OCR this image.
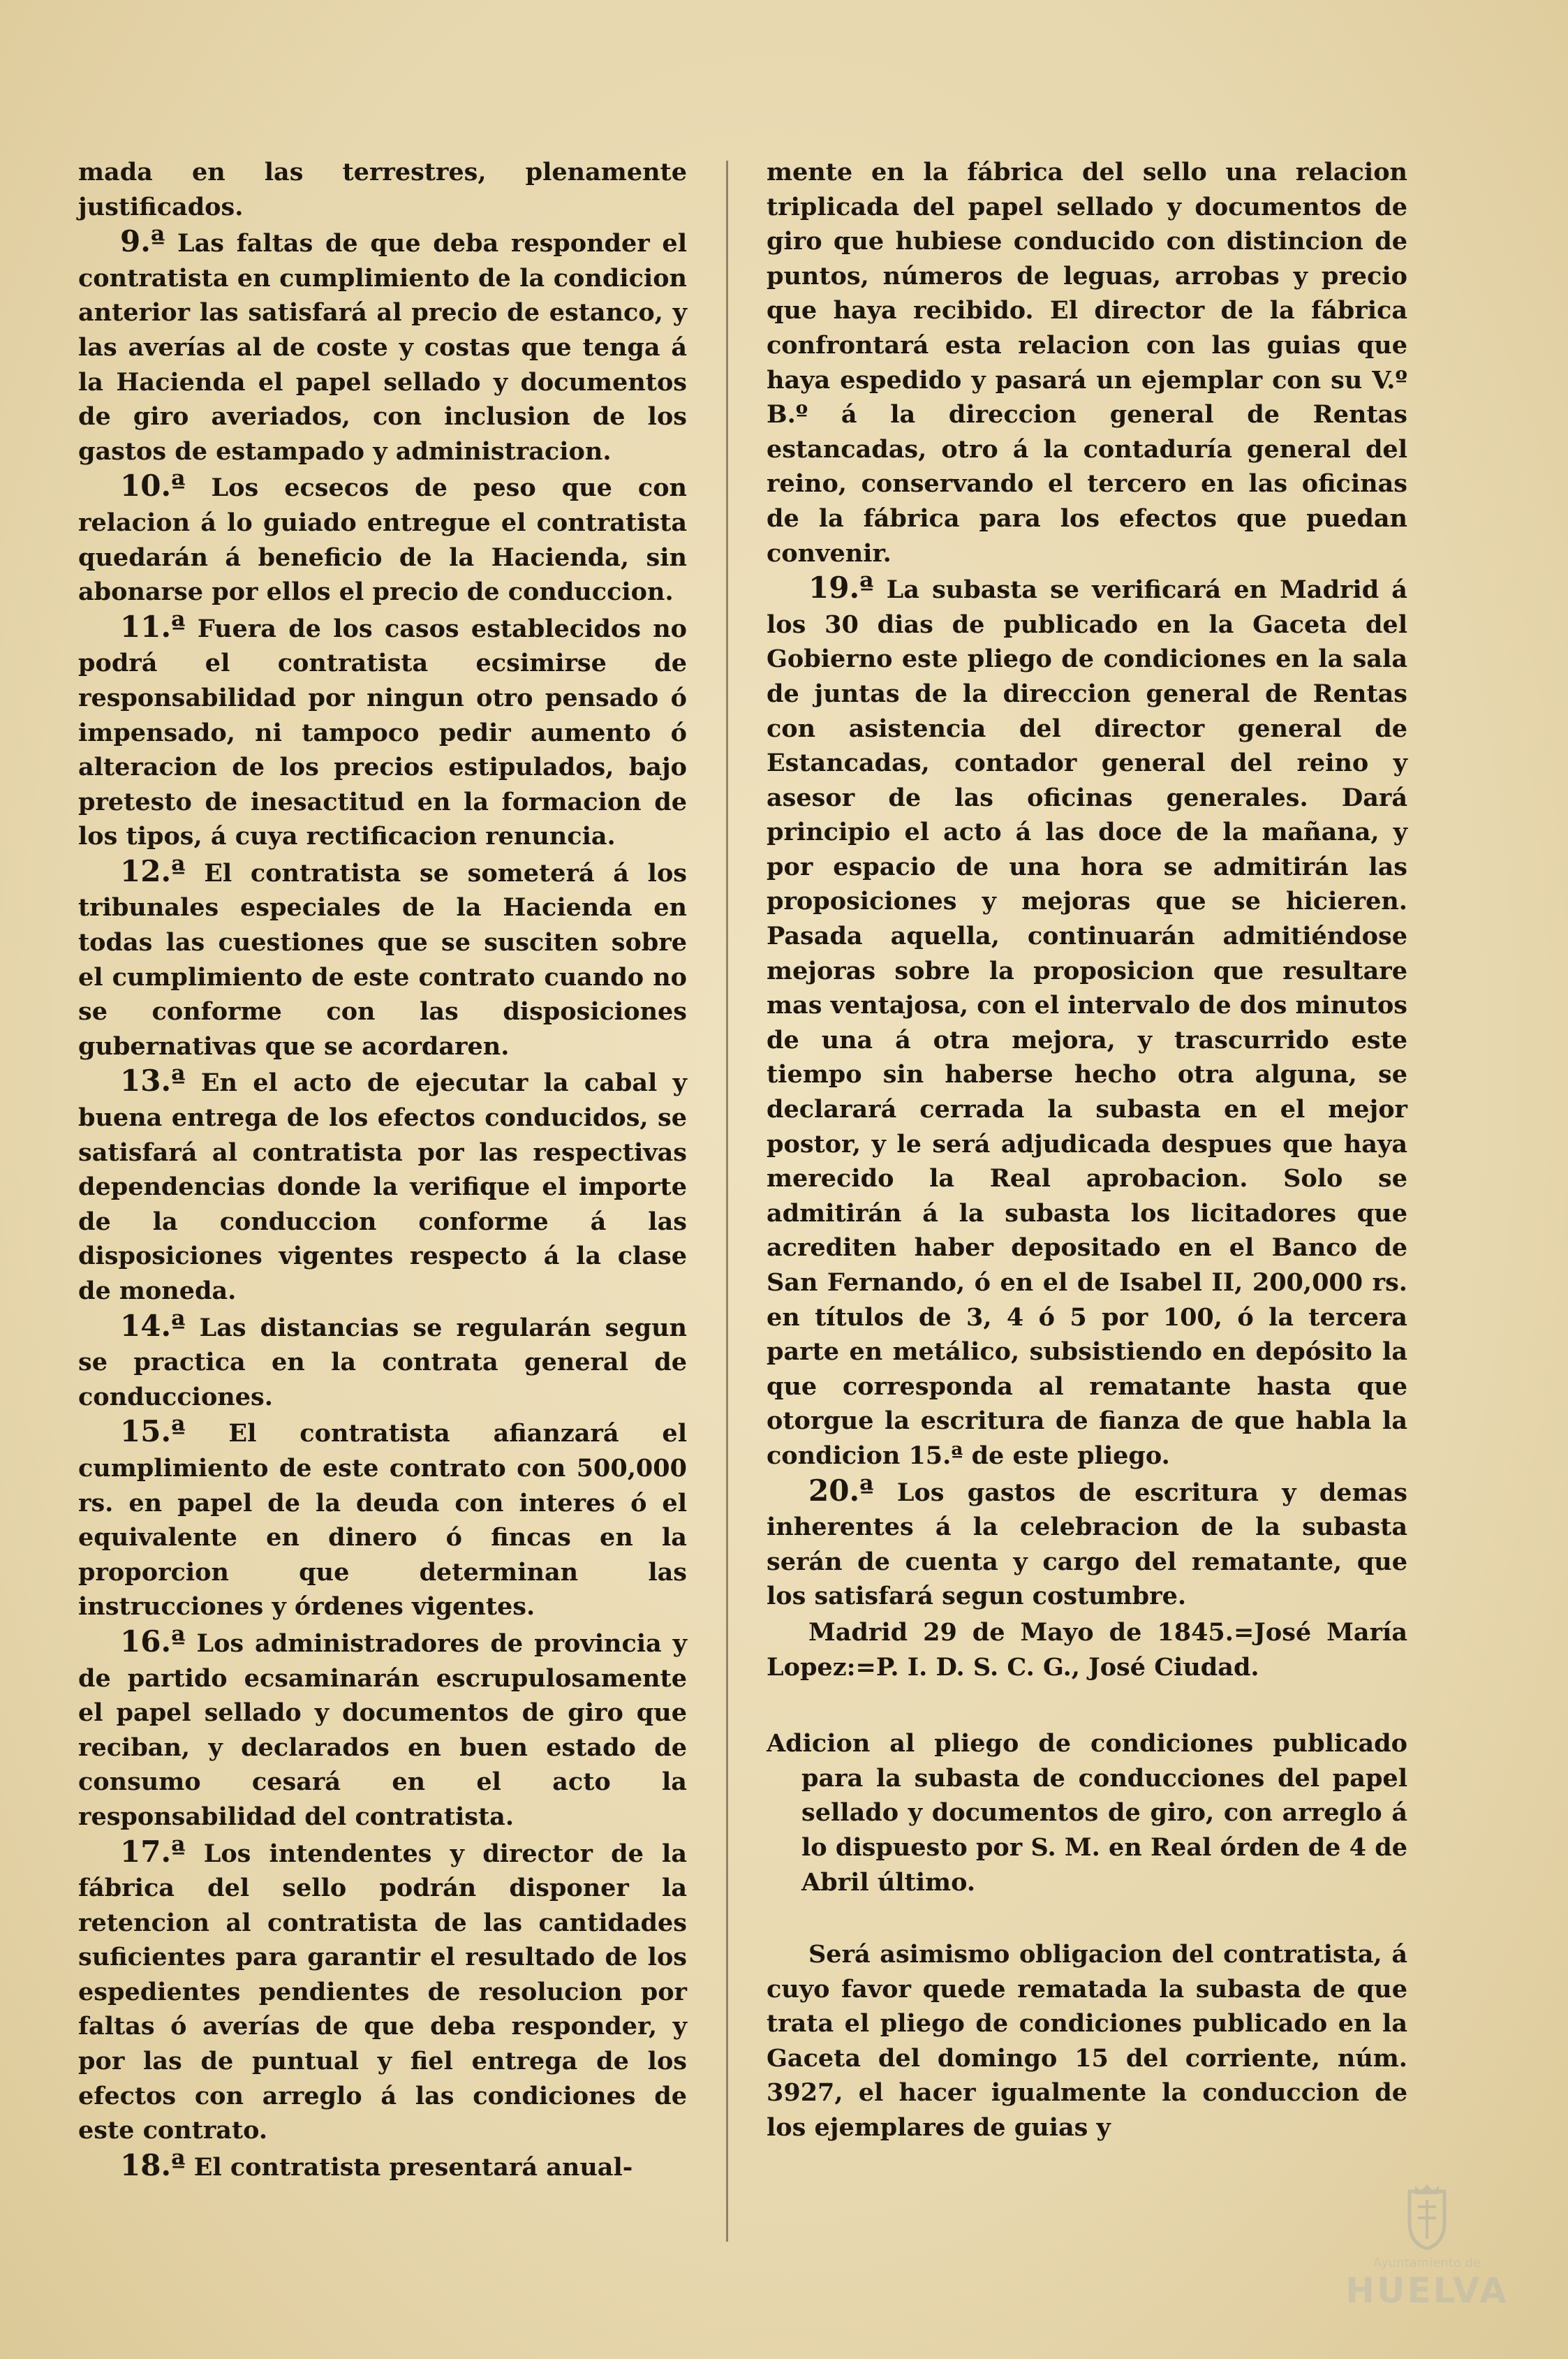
mada en las terrestres, plenamente justificados.

9.ª Las faltas de que deba responder el contratista en cumplimiento de la condicion anterior las satisfará al precio de estanco, y las averías al de coste y costas que tenga á la Hacienda el papel sellado y documentos de giro averiados, con inclusion de los gastos de estampado y administracion.

10.ª Los ecsecos de peso que con relacion á lo guiado entregue el contratista quedarán á beneficio de la Hacienda, sin abonarse por ellos el precio de conduccion.

11.ª Fuera de los casos establecidos no podrá el contratista ecsimirse de responsabilidad por ningun otro pensado ó impensado, ni tampoco pedir aumento ó alteracion de los precios estipulados, bajo pretesto de inesactitud en la formacion de los tipos, á cuya rectificacion renuncia.

12.ª El contratista se someterá á los tribunales especiales de la Hacienda en todas las cuestiones que se susciten sobre el cumplimiento de este contrato cuando no se conforme con las disposiciones gubernativas que se acordaren.

13.ª En el acto de ejecutar la cabal y buena entrega de los efectos conducidos, se satisfará al contratista por las respectivas dependencias donde la verifique el importe de la conduccion conforme á las disposiciones vigentes respecto á la clase de moneda.

14.ª Las distancias se regularán segun se practica en la contrata general de conducciones.

15.ª El contratista afianzará el cumplimiento de este contrato con 500,000 rs. en papel de la deuda con interes ó el equivalente en dinero ó fincas en la proporcion que determinan las instrucciones y órdenes vigentes.

16.ª Los administradores de provincia y de partido ecsaminarán escrupulosamente el papel sellado y documentos de giro que reciban, y declarados en buen estado de consumo cesará en el acto la responsabilidad del contratista.

17.ª Los intendentes y director de la fábrica del sello podrán disponer la retencion al contratista de las cantidades suficientes para garantir el resultado de los espedientes pendientes de resolucion por faltas ó averías de que deba responder, y por las de puntual y fiel entrega de los efectos con arreglo á las condiciones de este contrato.

18.ª El contratista presentará anual-

mente en la fábrica del sello una relacion triplicada del papel sellado y documentos de giro que hubiese conducido con distincion de puntos, números de leguas, arrobas y precio que haya recibido. El director de la fábrica confrontará esta relacion con las guias que haya espedido y pasará un ejemplar con su V.º B.º á la direccion general de Rentas estancadas, otro á la contaduría general del reino, conservando el tercero en las oficinas de la fábrica para los efectos que puedan convenir.

19.ª La subasta se verificará en Madrid á los 30 dias de publicado en la Gaceta del Gobierno este pliego de condiciones en la sala de juntas de la direccion general de Rentas con asistencia del director general de Estancadas, contador general del reino y asesor de las oficinas generales. Dará principio el acto á las doce de la mañana, y por espacio de una hora se admitirán las proposiciones y mejoras que se hicieren. Pasada aquella, continuarán admitiéndose mejoras sobre la proposicion que resultare mas ventajosa, con el intervalo de dos minutos de una á otra mejora, y trascurrido este tiempo sin haberse hecho otra alguna, se declarará cerrada la subasta en el mejor postor, y le será adjudicada despues que haya merecido la Real aprobacion. Solo se admitirán á la subasta los licitadores que acrediten haber depositado en el Banco de San Fernando, ó en el de Isabel II, 200,000 rs. en títulos de 3, 4 ó 5 por 100, ó la tercera parte en metálico, subsistiendo en depósito la que corresponda al rematante hasta que otorgue la escritura de fianza de que habla la condicion 15.ª de este pliego.

20.ª Los gastos de escritura y demas inherentes á la celebracion de la subasta serán de cuenta y cargo del rematante, que los satisfará segun costumbre.

Madrid 29 de Mayo de 1845.=José María Lopez:=P. I. D. S. C. G., José Ciudad.

Adicion al pliego de condiciones publicado para la subasta de conducciones del papel sellado y documentos de giro, con arreglo á lo dispuesto por S. M. en Real órden de 4 de Abril último.

Será asimismo obligacion del contratista, á cuyo favor quede rematada la subasta de que trata el pliego de condiciones publicado en la Gaceta del domingo 15 del corriente, núm. 3927, el hacer igualmente la conduccion de los ejemplares de guias y

Ayuntamiento de
HUELVA
